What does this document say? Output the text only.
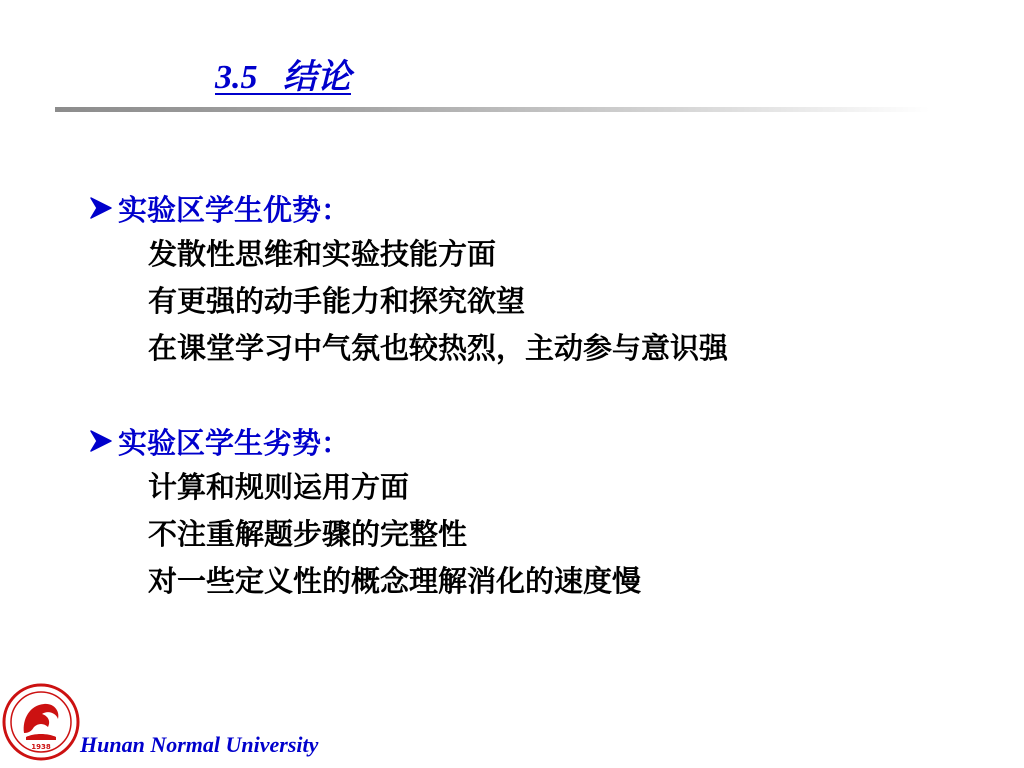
3.5   结论
实验区学生优势：
发散性思维和实验技能方面
有更强的动手能力和探究欲望
在课堂学习中气氛也较热烈，主动参与意识强
实验区学生劣势：
计算和规则运用方面
不注重解题步骤的完整性
对一些定义性的概念理解消化的速度慢
1938 Hunan Normal University
